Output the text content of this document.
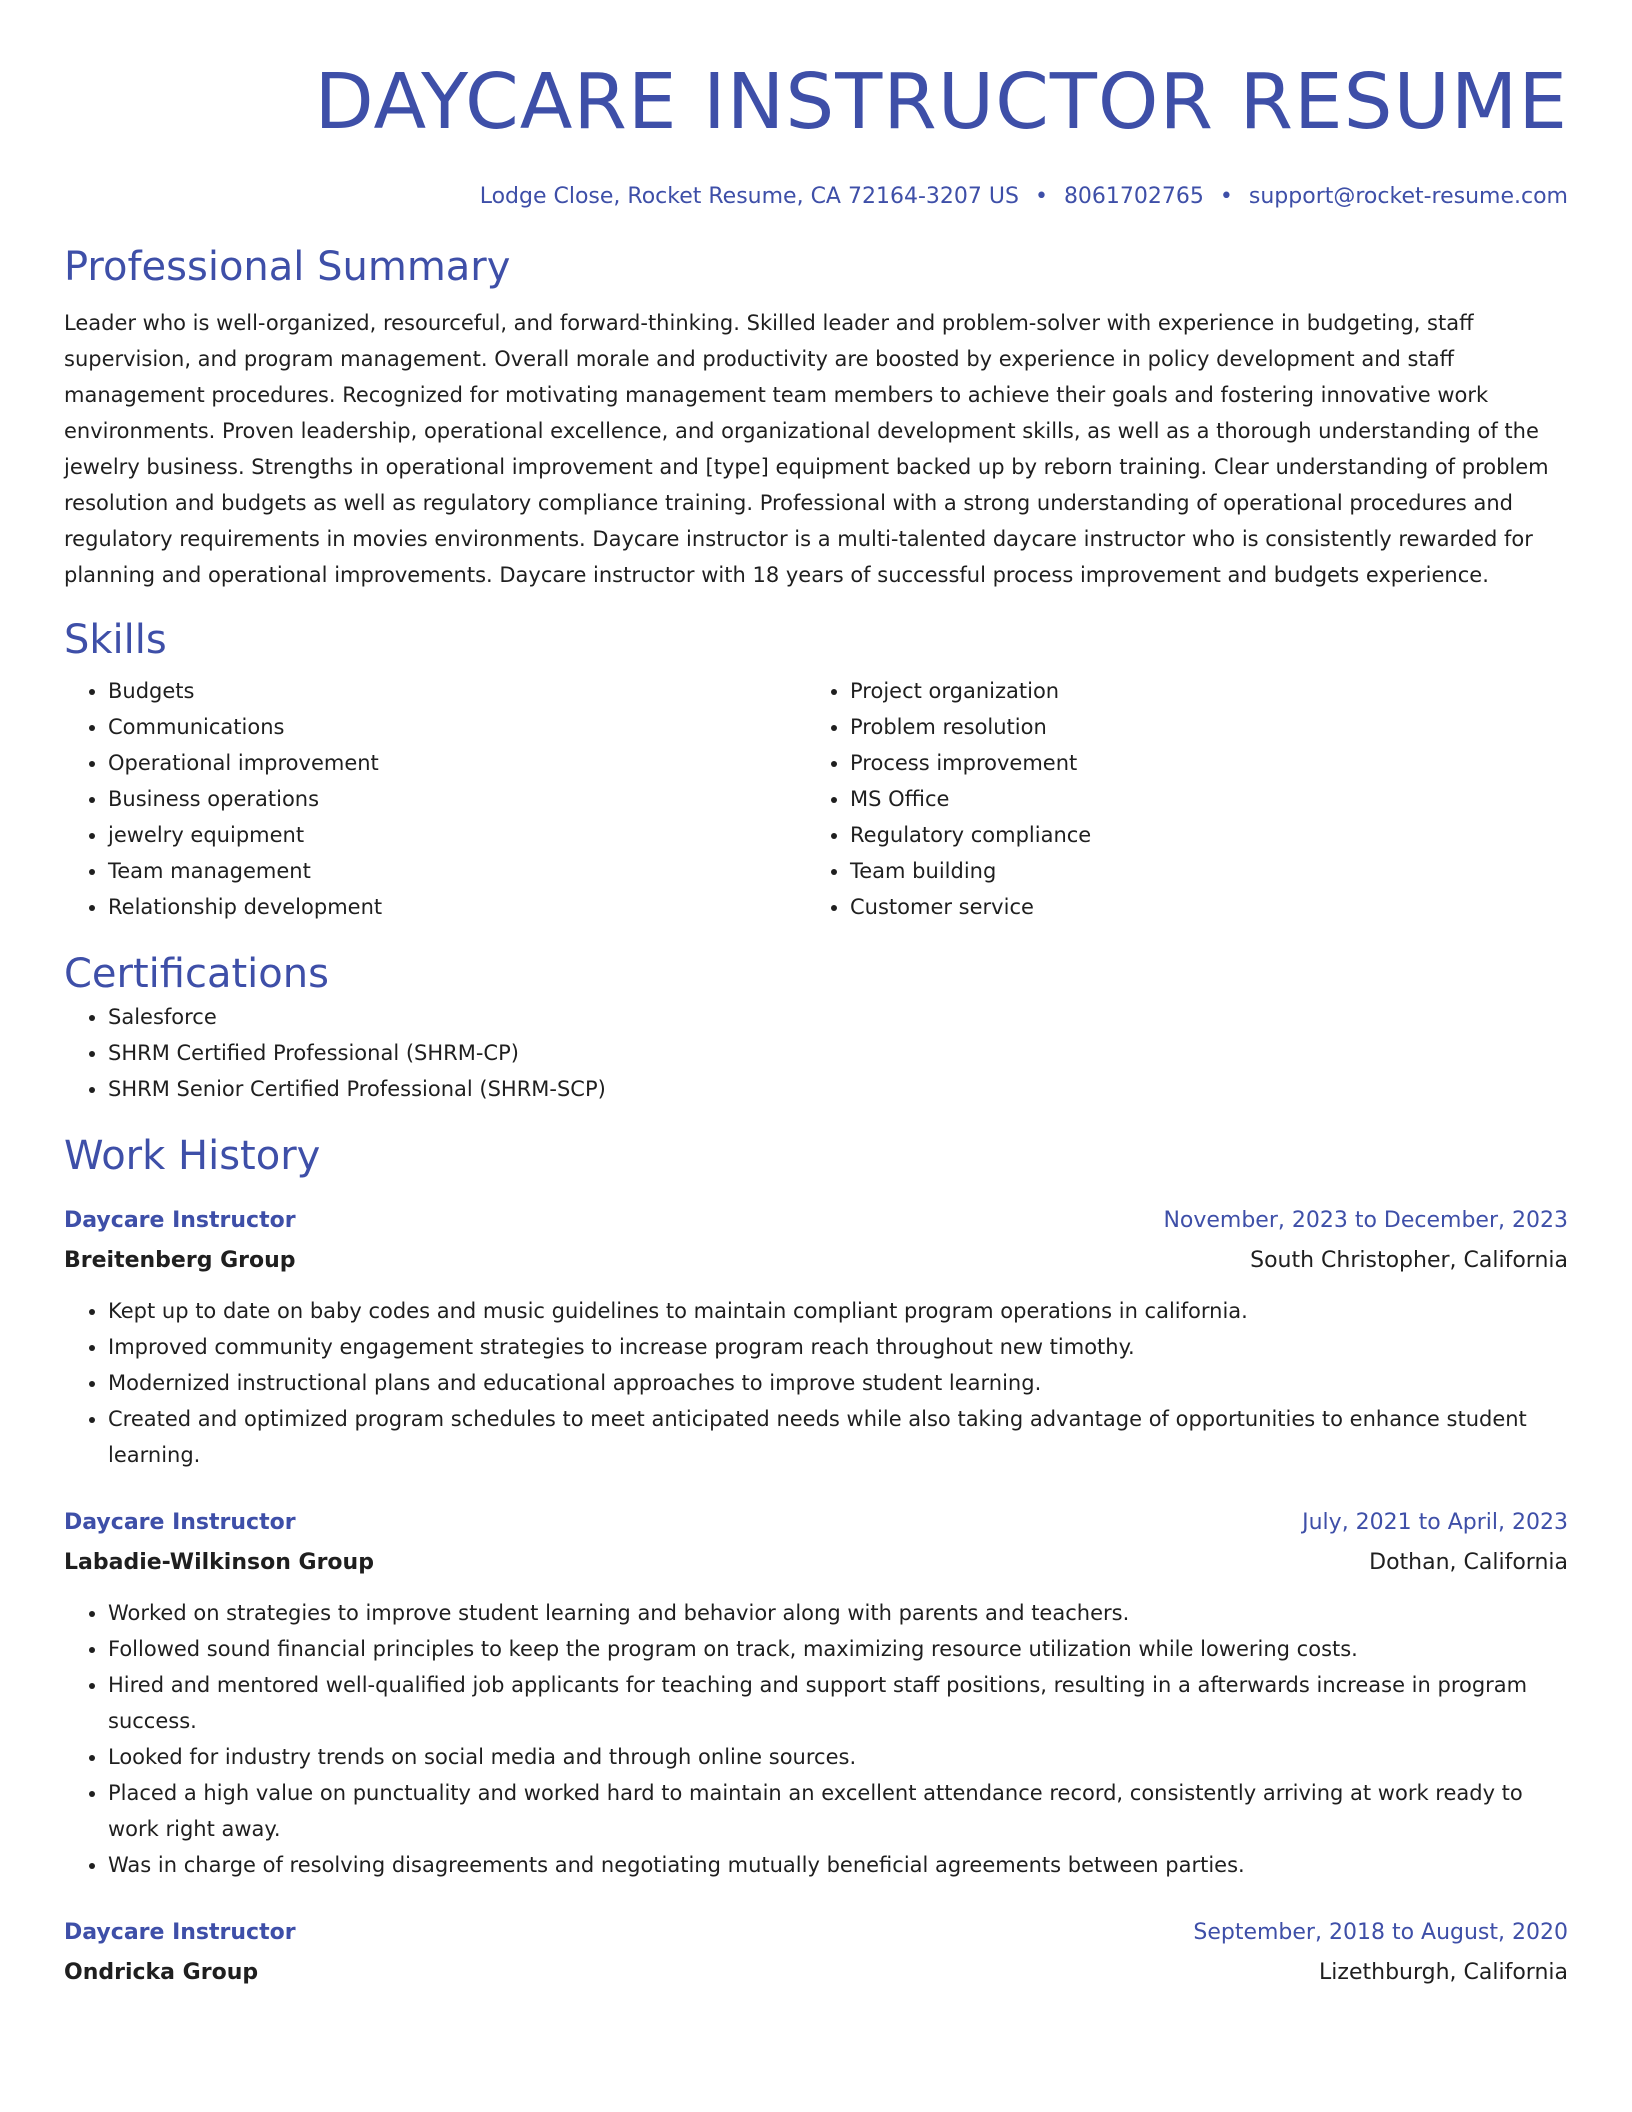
DAYCARE INSTRUCTOR RESUME
Lodge Close, Rocket Resume, CA 72164-3207 US • 8061702765 • support@rocket-resume.com
Professional Summary
Leader who is well-organized, resourceful, and forward-thinking. Skilled leader and problem-solver with experience in budgeting, staff supervision, and program management. Overall morale and productivity are boosted by experience in policy development and staff management procedures. Recognized for motivating management team members to achieve their goals and fostering innovative work environments. Proven leadership, operational excellence, and organizational development skills, as well as a thorough understanding of the jewelry business. Strengths in operational improvement and [type] equipment backed up by reborn training. Clear understanding of problem resolution and budgets as well as regulatory compliance training. Professional with a strong understanding of operational procedures and regulatory requirements in movies environments. Daycare instructor is a multi-talented daycare instructor who is consistently rewarded for planning and operational improvements. Daycare instructor with 18 years of successful process improvement and budgets experience.
Skills
• Budgets
• Communications
• Operational improvement
• Business operations
• jewelry equipment
• Team management
• Relationship development
• Project organization
• Problem resolution
• Process improvement
• MS Office
• Regulatory compliance
• Team building
• Customer service
Certifications
• Salesforce
• SHRM Certified Professional (SHRM-CP)
• SHRM Senior Certified Professional (SHRM-SCP)
Work History
Daycare Instructor	November, 2023 to December, 2023
Breitenberg Group	South Christopher, California
• Kept up to date on baby codes and music guidelines to maintain compliant program operations in california.
• Improved community engagement strategies to increase program reach throughout new timothy.
• Modernized instructional plans and educational approaches to improve student learning.
• Created and optimized program schedules to meet anticipated needs while also taking advantage of opportunities to enhance student learning.
Daycare Instructor	July, 2021 to April, 2023
Labadie-Wilkinson Group	Dothan, California
• Worked on strategies to improve student learning and behavior along with parents and teachers.
• Followed sound financial principles to keep the program on track, maximizing resource utilization while lowering costs.
• Hired and mentored well-qualified job applicants for teaching and support staff positions, resulting in a afterwards increase in program success.
• Looked for industry trends on social media and through online sources.
• Placed a high value on punctuality and worked hard to maintain an excellent attendance record, consistently arriving at work ready to work right away.
• Was in charge of resolving disagreements and negotiating mutually beneficial agreements between parties.
Daycare Instructor	September, 2018 to August, 2020
Ondricka Group	Lizethburgh, California
